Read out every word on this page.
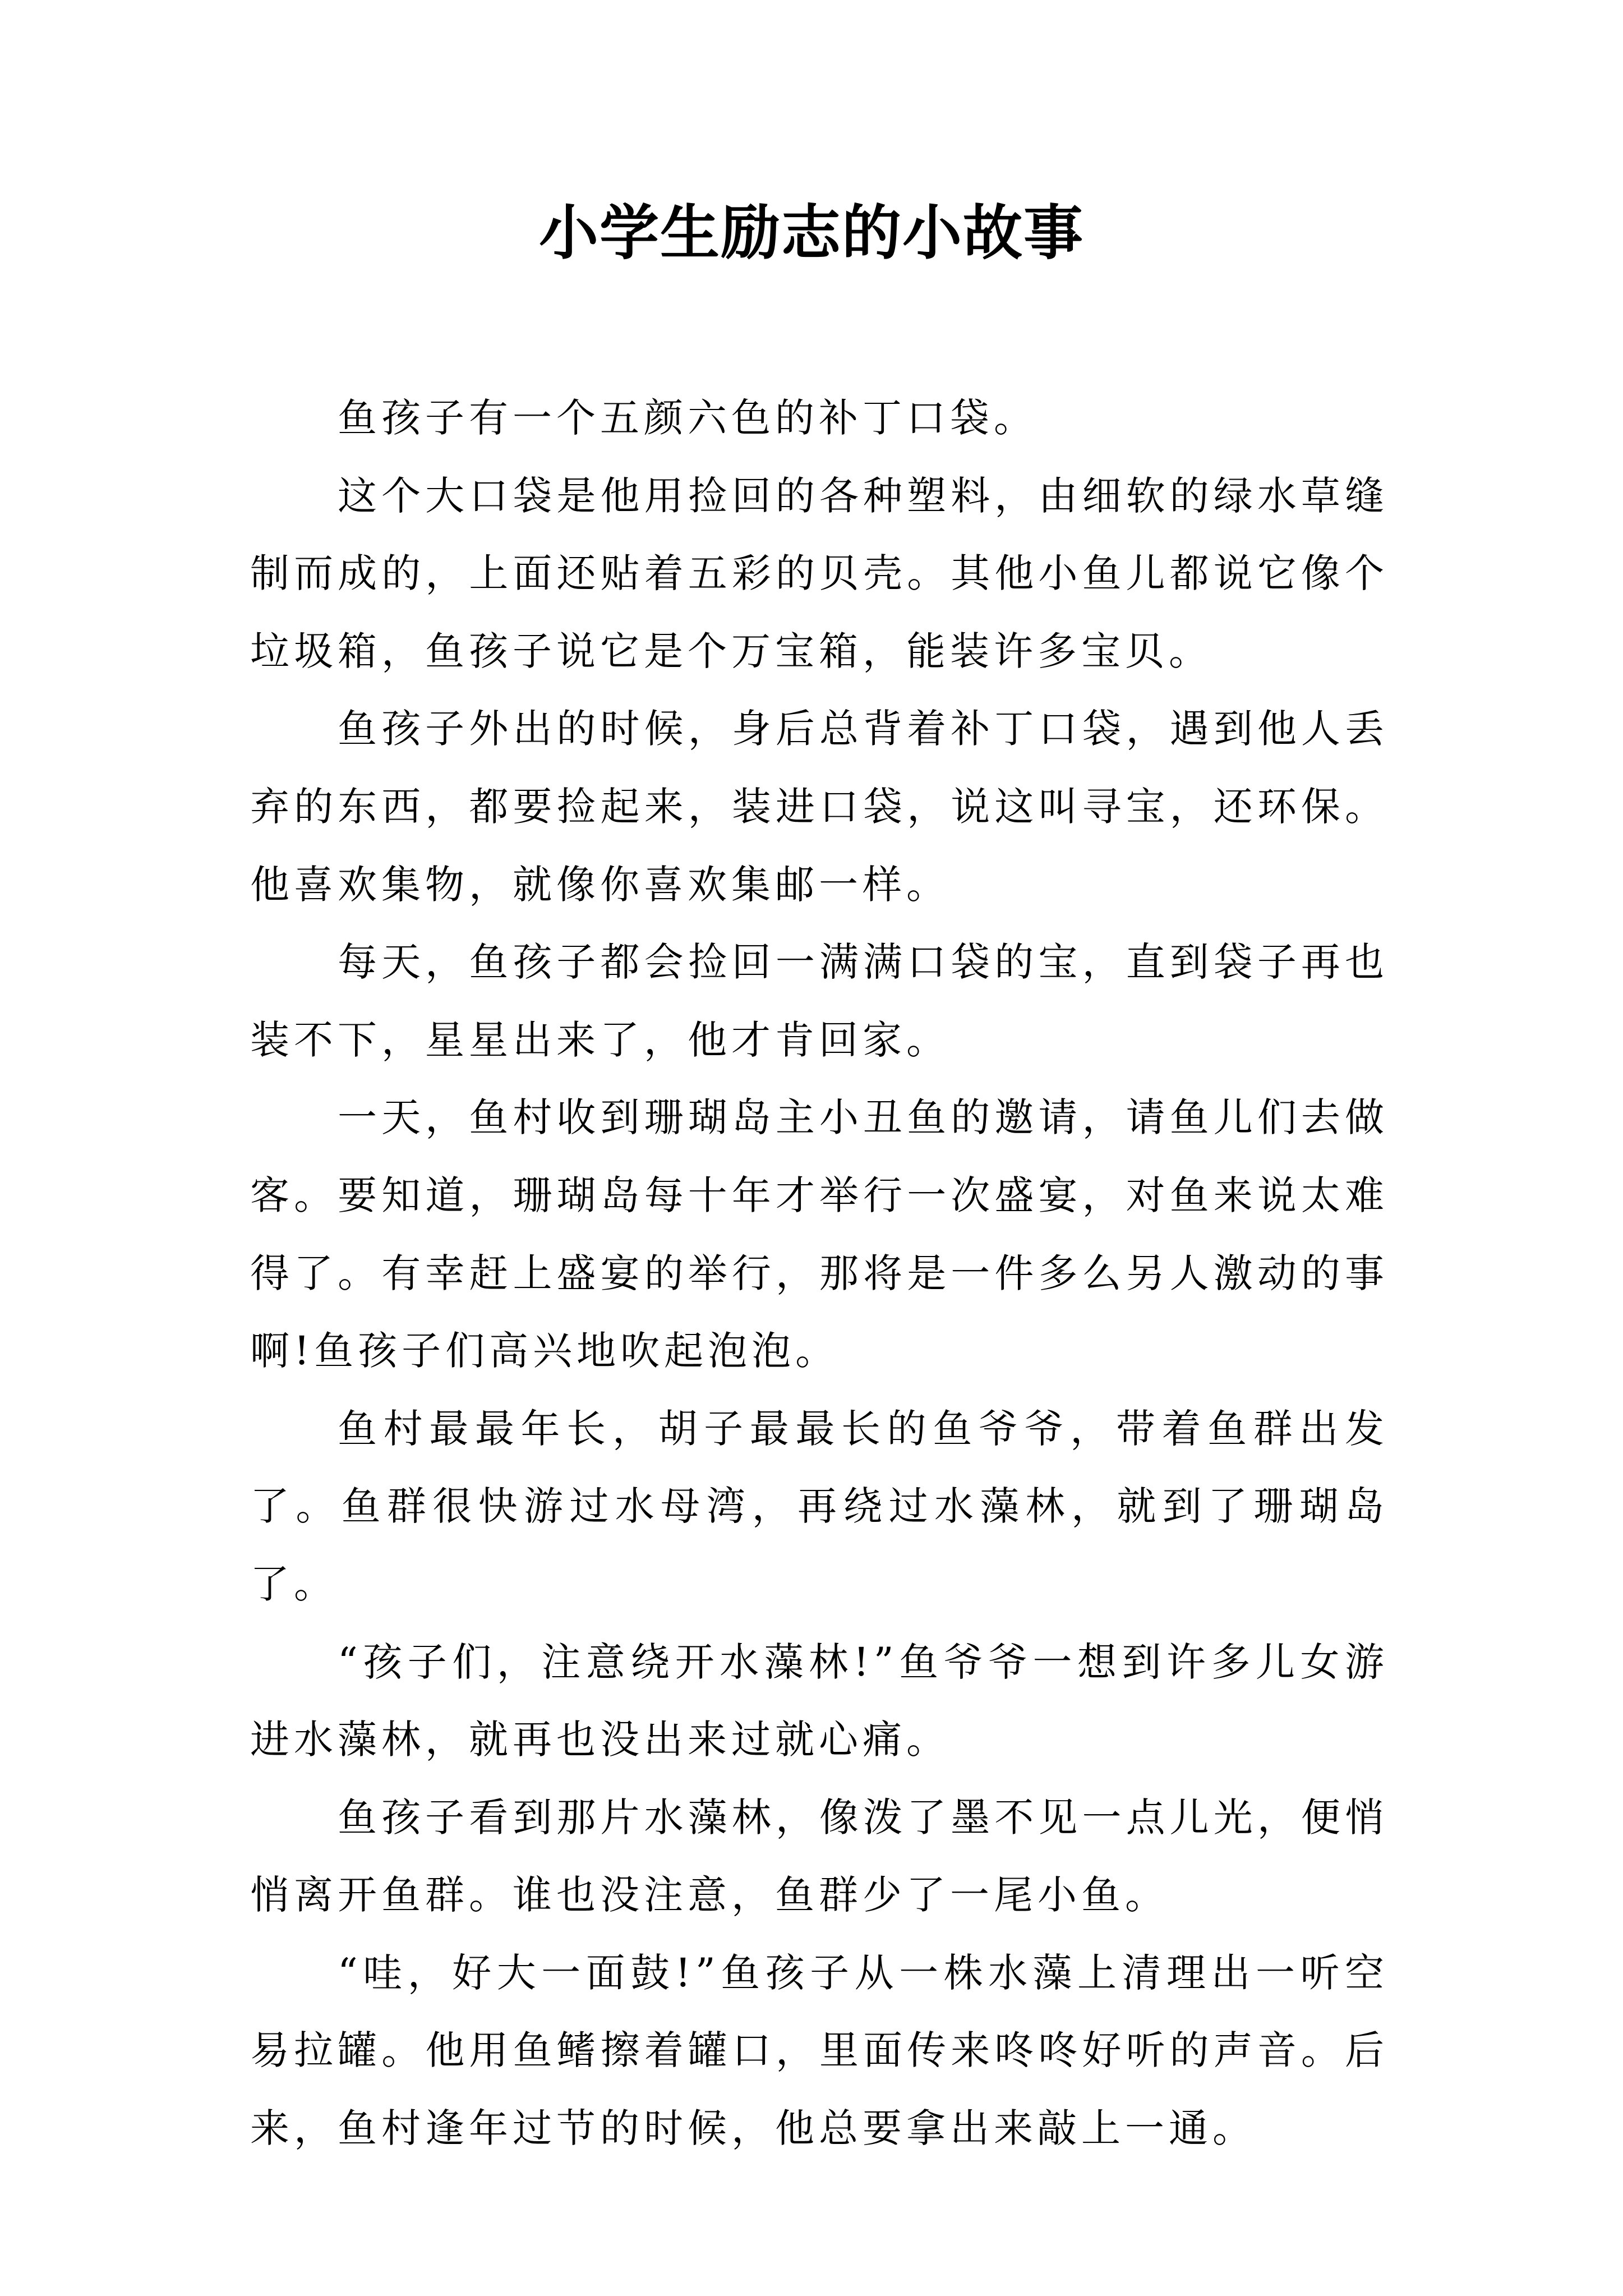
小学生励志的小故事

鱼孩子有一个五颜六色的补丁口袋。

这个大口袋是他用捡回的各种塑料，由细软的绿水草缝制而成的，上面还贴着五彩的贝壳。其他小鱼儿都说它像个垃圾箱，鱼孩子说它是个万宝箱，能装许多宝贝。

鱼孩子外出的时候，身后总背着补丁口袋，遇到他人丢弃的东西，都要捡起来，装进口袋，说这叫寻宝，还环保。他喜欢集物，就像你喜欢集邮一样。

每天，鱼孩子都会捡回一满满口袋的宝，直到袋子再也装不下，星星出来了，他才肯回家。

一天，鱼村收到珊瑚岛主小丑鱼的邀请，请鱼儿们去做客。要知道，珊瑚岛每十年才举行一次盛宴，对鱼来说太难得了。有幸赶上盛宴的举行，那将是一件多么另人激动的事啊!鱼孩子们高兴地吹起泡泡。

鱼村最最年长，胡子最最长的鱼爷爷，带着鱼群出发了。鱼群很快游过水母湾，再绕过水藻林，就到了珊瑚岛了。

“孩子们，注意绕开水藻林!”鱼爷爷一想到许多儿女游进水藻林，就再也没出来过就心痛。

鱼孩子看到那片水藻林，像泼了墨不见一点儿光，便悄悄离开鱼群。谁也没注意，鱼群少了一尾小鱼。

“哇，好大一面鼓!”鱼孩子从一株水藻上清理出一听空易拉罐。他用鱼鳍擦着罐口，里面传来咚咚好听的声音。后来，鱼村逢年过节的时候，他总要拿出来敲上一通。
